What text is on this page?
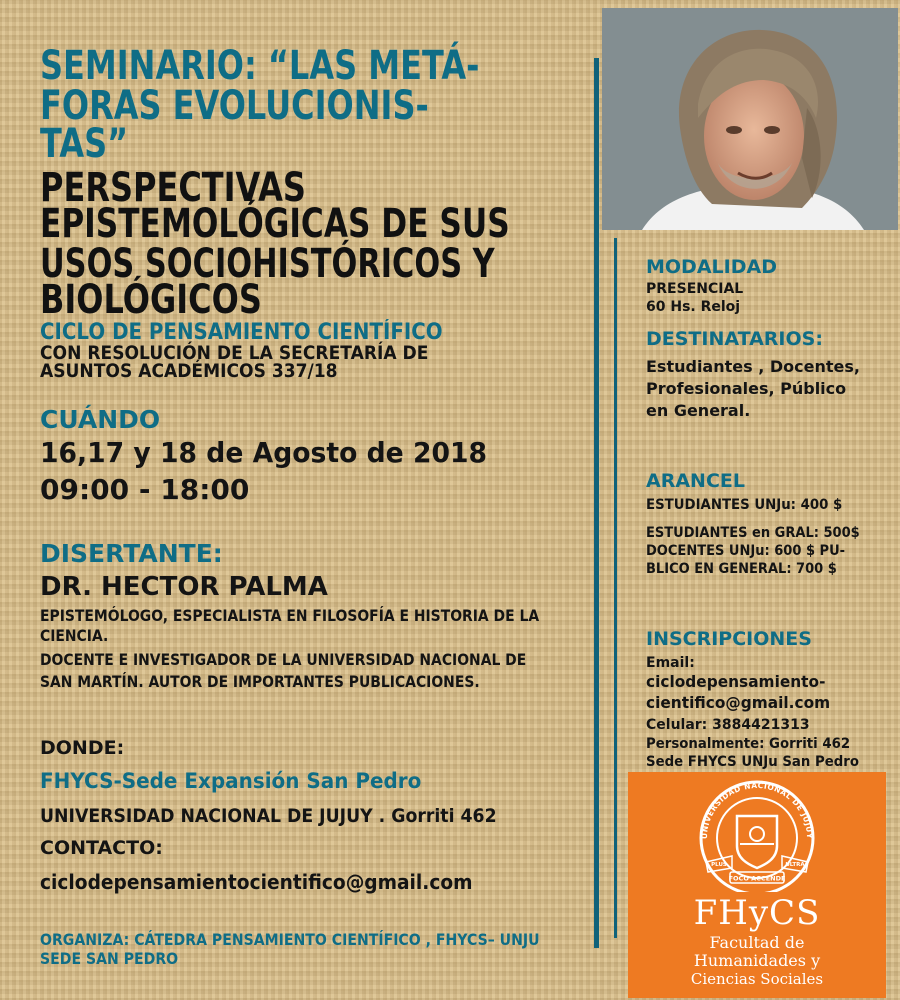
SEMINARIO: “LAS METÁ-
FORAS EVOLUCIONIS-
TAS”
PERSPECTIVAS
EPISTEMOLÓGICAS DE SUS
USOS SOCIOHISTÓRICOS Y
BIOLÓGICOS
CICLO DE PENSAMIENTO CIENTÍFICO
CON RESOLUCIÓN DE LA SECRETARÍA DE
ASUNTOS ACADÉMICOS 337/18
CUÁNDO
16,17 y 18 de Agosto de 2018
09:00 - 18:00
DISERTANTE:
DR. HECTOR PALMA
EPISTEMÓLOGO, ESPECIALISTA EN FILOSOFÍA E HISTORIA DE LA
CIENCIA.
DOCENTE E INVESTIGADOR DE LA UNIVERSIDAD NACIONAL DE
SAN MARTÍN. AUTOR DE IMPORTANTES PUBLICACIONES.
DONDE:
FHYCS-Sede Expansión San Pedro
UNIVERSIDAD NACIONAL DE JUJUY . Gorriti 462
CONTACTO:
ciclodepensamientocientifico@gmail.com
ORGANIZA: CÁTEDRA PENSAMIENTO CIENTÍFICO , FHYCS– UNJU
SEDE SAN PEDRO
MODALIDAD
PRESENCIAL
60 Hs. Reloj
DESTINATARIOS:
Estudiantes , Docentes,
Profesionales, Público
en General.
ARANCEL
ESTUDIANTES UNJu: 400 $
ESTUDIANTES en GRAL: 500$
DOCENTES UNJu: 600 $ PU-
BLICO EN GENERAL: 700 $
INSCRIPCIONES
Email:
ciclodepensamiento-
cientifico@gmail.com
Celular: 3884421313
Personalmente: Gorriti 462
Sede FHYCS UNJu San Pedro
UNIVERSIDAD NACIONAL DE JUJUY
PLUS	ULTRA
FOCO ACCENDE
FHyCS
Facultad de
Humanidades y
Ciencias Sociales
